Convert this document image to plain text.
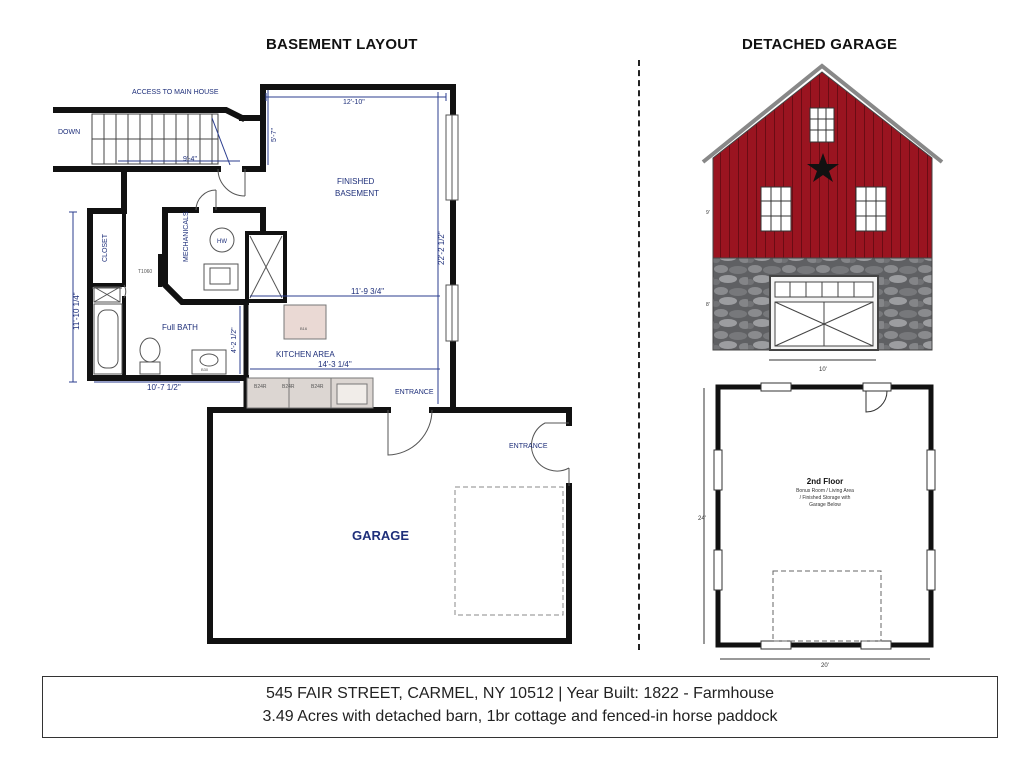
BASEMENT LAYOUT	DETACHED GARAGE
ACCESS TO MAIN HOUSE
DOWN
FINISHED
BASEMENT
CLOSET	MECHANICALS	HW
T1060
Full BATH
KITCHEN AREA
B24R	B24R	B24R
B16
B30
ENTRANCE
ENTRANCE
GARAGE
12'-10"
5'-7"
9'-4"
22'-2 1/2"
11'-9 3/4"
11'-10 1/4"
4'-2 1/2"
14'-3 1/4"
10'-7 1/2"
9'
8'
10'
24'
20'
2nd Floor
Bonus Room / Living Area
/ Finished Storage with
Garage Below
545 FAIR STREET, CARMEL, NY 10512 | Year Built: 1822 - Farmhouse
3.49 Acres with detached barn, 1br cottage and fenced-in horse paddock
